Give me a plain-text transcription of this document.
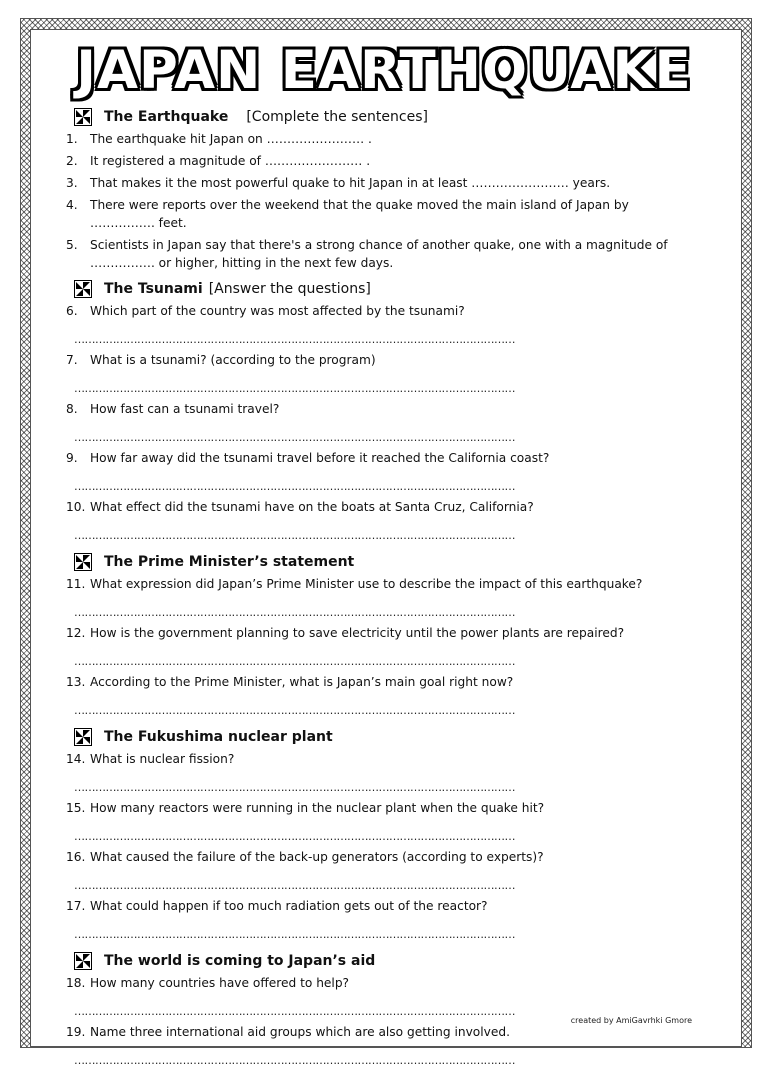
JAPAN EARTHQUAKE
The Earthquake [Complete the sentences]
1.	The earthquake hit Japan on …………………… .
2.	It registered a magnitude of …………………… .
3.	That makes it the most powerful quake to hit Japan in at least …………………… years.
4.	There were reports over the weekend that the quake moved the main island of Japan by
……………. feet.
5.	Scientists in Japan say that there's a strong chance of another quake, one with a magnitude of
……………. or higher, hitting in the next few days.
The Tsunami [Answer the questions]
6.	Which part of the country was most affected by the tsunami?
………………………………………………………………………………………………………………
7.	What is a tsunami? (according to the program)
………………………………………………………………………………………………………………
8.	How fast can a tsunami travel?
………………………………………………………………………………………………………………
9.	How far away did the tsunami travel before it reached the California coast?
………………………………………………………………………………………………………………
10. What effect did the tsunami have on the boats at Santa Cruz, California?
………………………………………………………………………………………………………………
The Prime Minister’s statement
11. What expression did Japan’s Prime Minister use to describe the impact of this earthquake?
………………………………………………………………………………………………………………
12. How is the government planning to save electricity until the power plants are repaired?
………………………………………………………………………………………………………………
13. According to the Prime Minister, what is Japan’s main goal right now?
………………………………………………………………………………………………………………
The Fukushima nuclear plant
14. What is nuclear fission?
………………………………………………………………………………………………………………
15. How many reactors were running in the nuclear plant when the quake hit?
………………………………………………………………………………………………………………
16. What caused the failure of the back-up generators (according to experts)?
………………………………………………………………………………………………………………
17. What could happen if too much radiation gets out of the reactor?
………………………………………………………………………………………………………………
The world is coming to Japan’s aid
18. How many countries have offered to help?
………………………………………………………………………………………………………………
19. Name three international aid groups which are also getting involved.
………………………………………………………………………………………………………………
created by AmiGavrhki Gmore
